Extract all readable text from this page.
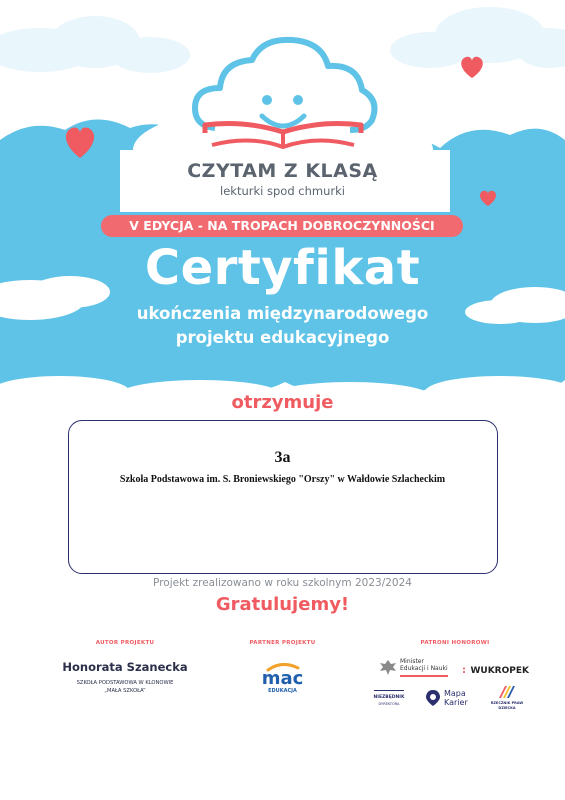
CZYTAM Z KLASĄ
lekturki spod chmurki
V EDYCJA - NA TROPACH DOBROCZYNNOŚCI
Certyfikat
ukończenia międzynarodowego
projektu edukacyjnego
otrzymuje
3a
Szkoła Podstawowa im. S. Broniewskiego "Orszy" w Wałdowie Szlacheckim
Projekt zrealizowano w roku szkolnym 2023/2024
Gratulujemy!
AUTOR PROJEKTU
Honorata Szanecka
SZKOŁA PODSTAWOWA W KLONOWIE
„MAŁA SZKOŁA”
PARTNER PROJEKTU
mac
EDUKACJA
PATRONI HONOROWI
Minister
Edukacji i Nauki : WUKROPEK
NIEZBĘDNIK
DYREKTORA
Mapa
Karier	RZECZNIK PRAW
DZIECKA
